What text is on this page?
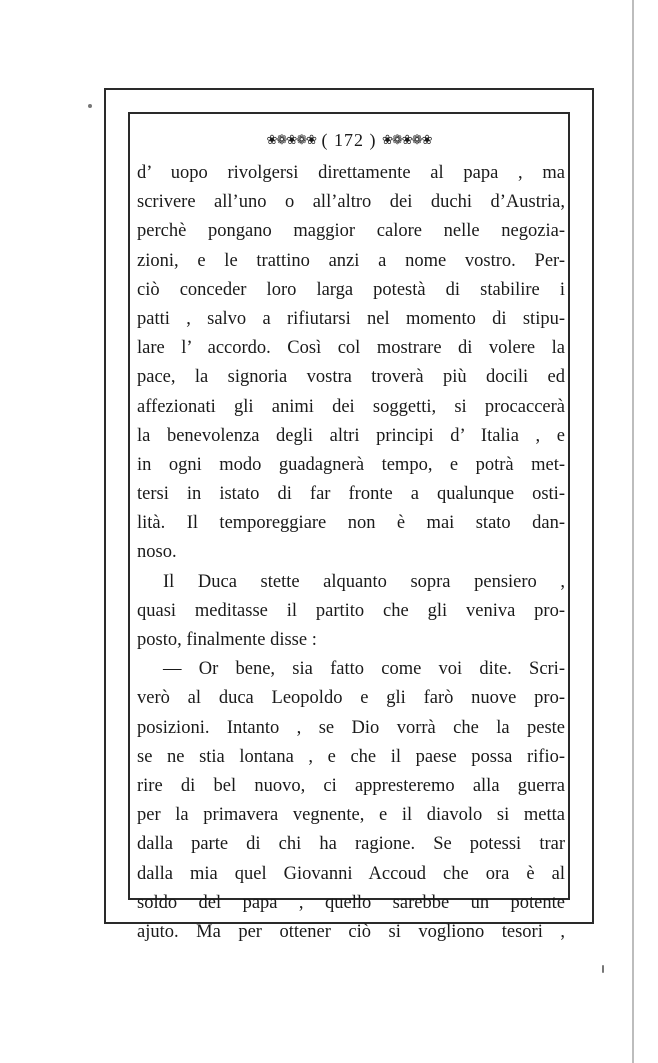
❀❁❀❁❀ ( 172 ) ❀❁❀❁❀
d’ uopo rivolgersi direttamente al papa , ma
scrivere all’uno o all’altro dei duchi d’Austria,
perchè pongano maggior calore nelle negozia-
zioni, e le trattino anzi a nome vostro. Per-
ciò conceder loro larga potestà di stabilire i
patti , salvo a rifiutarsi nel momento di stipu-
lare l’ accordo. Così col mostrare di volere la
pace, la signoria vostra troverà più docili ed
affezionati gli animi dei soggetti, si procaccerà
la benevolenza degli altri principi d’ Italia , e
in ogni modo guadagnerà tempo, e potrà met-
tersi in istato di far fronte a qualunque osti-
lità. Il temporeggiare non è mai stato dan-
noso.
Il Duca stette alquanto sopra pensiero ,
quasi meditasse il partito che gli veniva pro-
posto, finalmente disse :
— Or bene, sia fatto come voi dite. Scri-
verò al duca Leopoldo e gli farò nuove pro-
posizioni. Intanto , se Dio vorrà che la peste
se ne stia lontana , e che il paese possa rifio-
rire di bel nuovo, ci appresteremo alla guerra
per la primavera vegnente, e il diavolo si metta
dalla parte di chi ha ragione. Se potessi trar
dalla mia quel Giovanni Accoud che ora è al
soldo del papa , quello sarebbe un potente
ajuto. Ma per ottener ciò si vogliono tesori ,
